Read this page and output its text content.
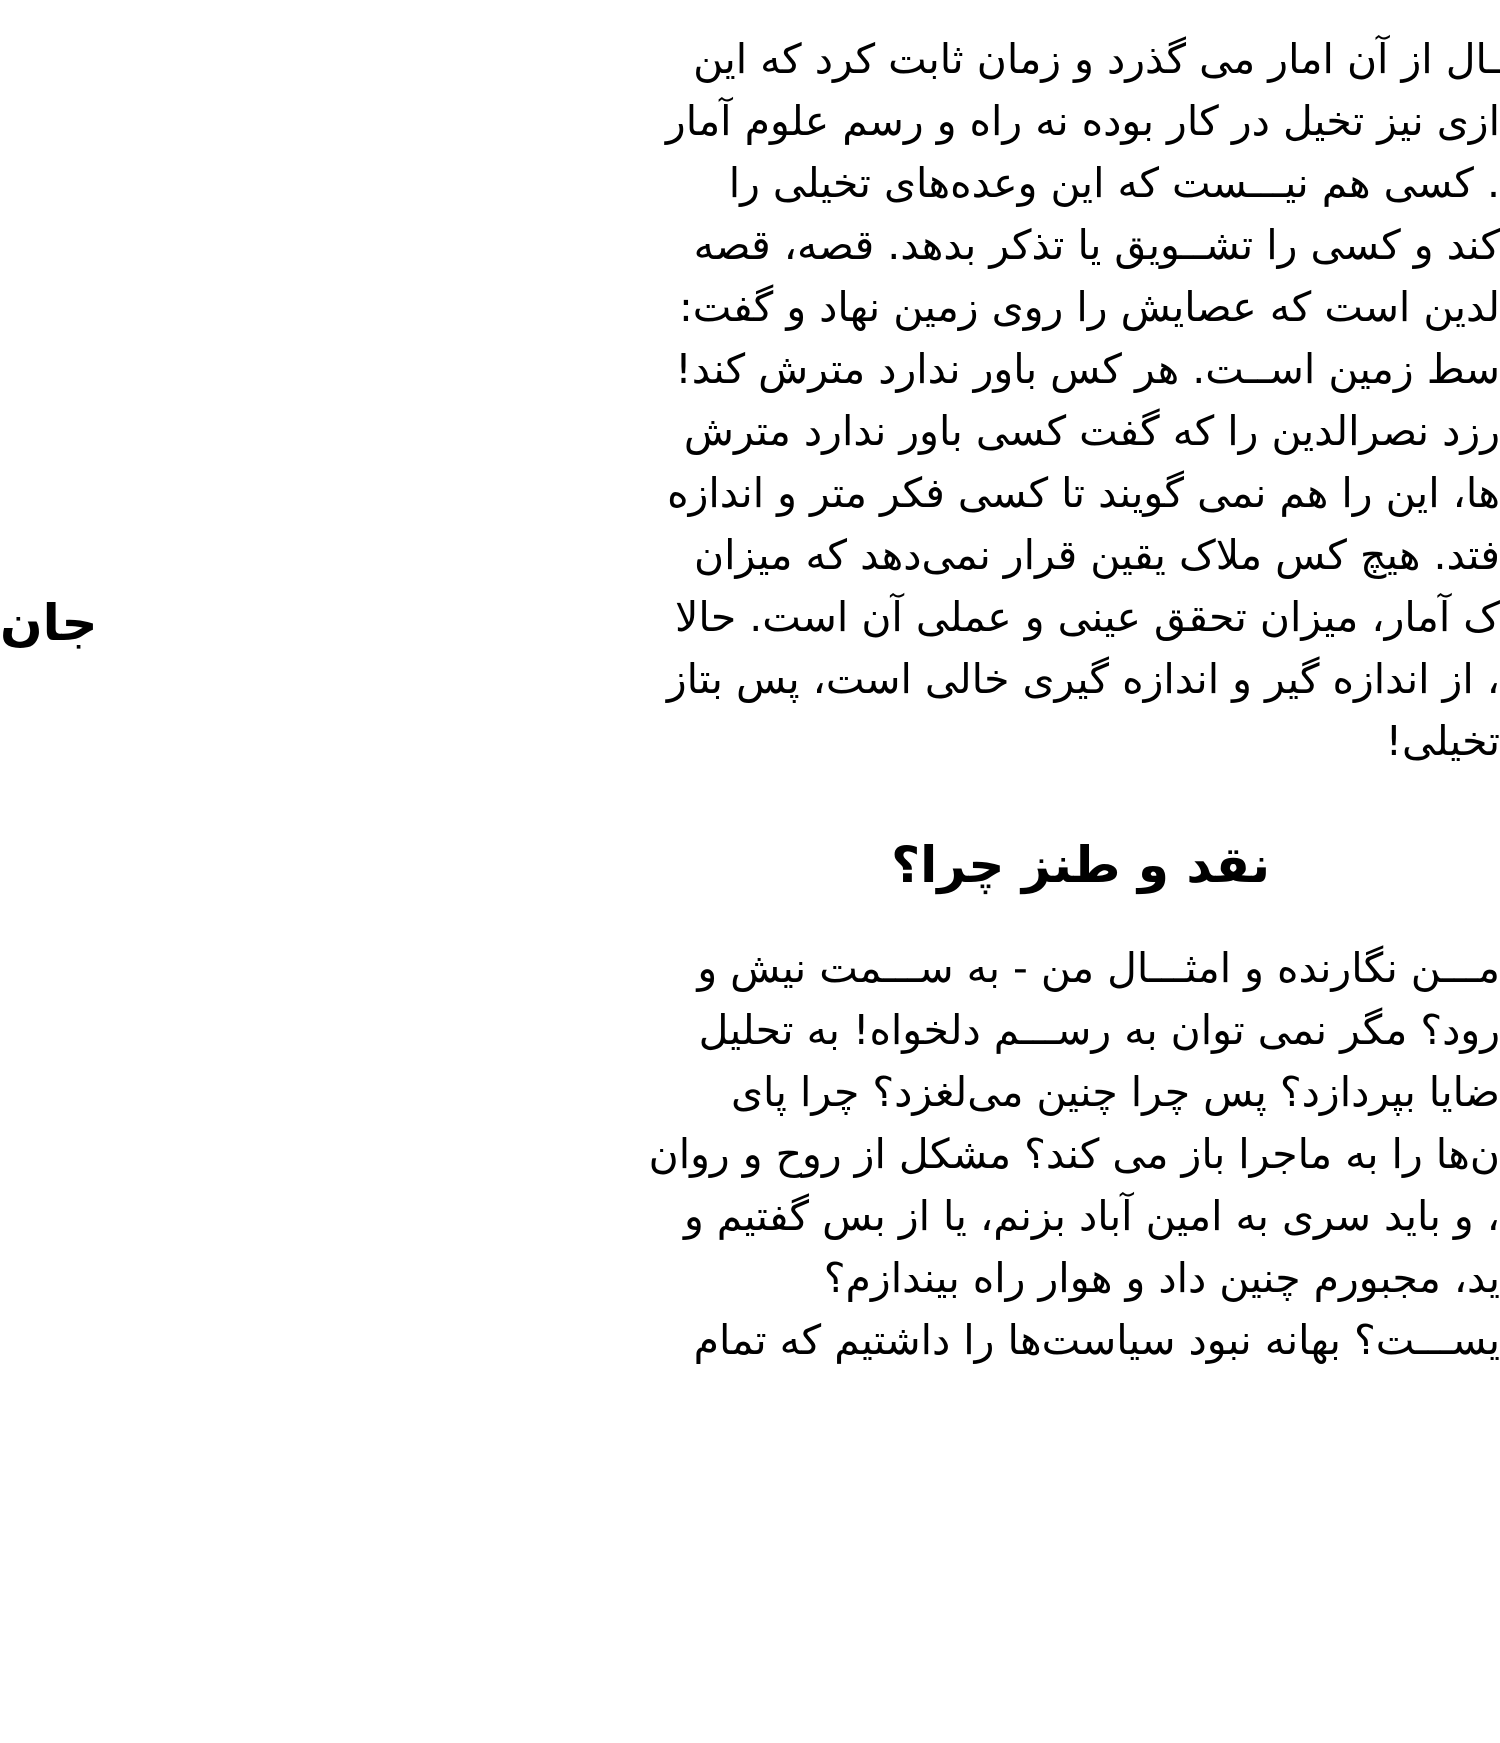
ـال از آن امار می گذرد و زمان ثابت کرد که این
ازی نیز تخیل در کار بوده نه راه و رسم علوم آمار
. کسی هم نیـــست که این وعده‌های تخیلی را
کند و کسی را تشــویق یا تذکر بدهد. قصه، قصه
لدین است که عصایش را روی زمین نهاد و گفت:
سط زمین اســت. هر کس باور ندارد مترش کند!
رزد نصرالدین را که گفت کسی باور ندارد مترش
ها، این را هم نمی گویند تا کسی فکر متر و اندازه
فتد. هیچ کس ملاک یقین قرار نمی‌دهد که میزان
ک آمار، میزان تحقق عینی و عملی آن است. حالا
، از اندازه گیر و اندازه گیری خالی است، پس بتاز
تخیلی!
نقد و طنز چرا؟
مـــن نگارنده و امثـــال من - به ســـمت نیش و
رود؟ مگر نمی توان به رســـم دلخواه! به تحلیل
ضایا بپردازد؟ پس چرا چنین می‌لغزد؟ چرا پای
ن‌ها را به ماجرا باز می کند؟ مشکل از روح و روان
، و باید سری به امین آباد بزنم، یا از بس گفتیم و
ید، مجبورم چنین داد و هوار راه بیندازم؟
یســـت؟ بهانه نبود سیاست‌ها را داشتیم که تمام
جان
